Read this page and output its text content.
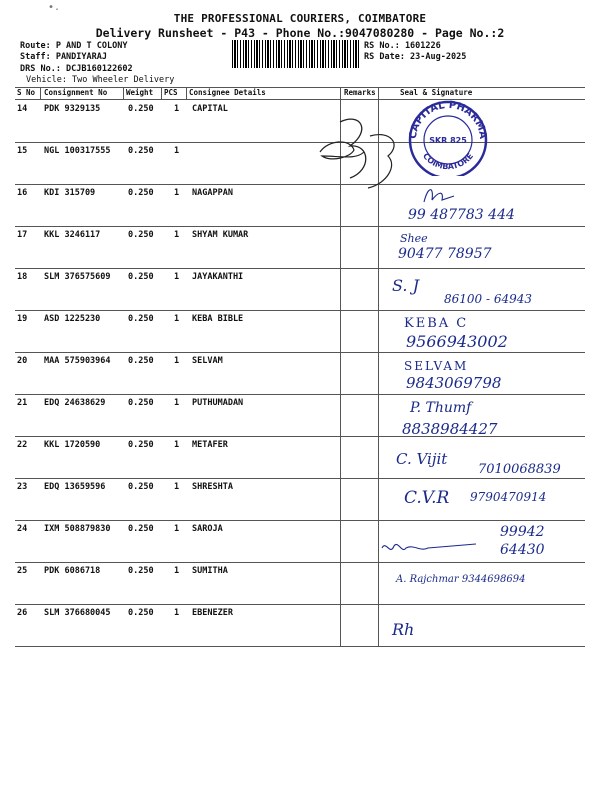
•.
THE PROFESSIONAL COURIERS, COIMBATORE
Delivery Runsheet - P43 - Phone No.:9047080280 - Page No.:2
Route: P AND T COLONY
Staff: PANDIYARAJ
DRS No.: DCJB160122602
Vehicle: Two Wheeler Delivery
RS No.: 1601226
RS Date: 23-Aug-2025
S No Consignment No	Weight PCS Consignee Details	Remarks	Seal & Signature
14 PDK 9329135	0.250 1 CAPITAL
15 NGL 100317555 0.250 1
16 KDI 315709	0.250 1 NAGAPPAN
17 KKL 3246117	0.250 1 SHYAM KUMAR
18 SLM 376575609 0.250 1 JAYAKANTHI
19 ASD 1225230	0.250 1 KEBA BIBLE
20 MAA 575903964 0.250 1 SELVAM
21 EDQ 24638629	0.250 1 PUTHUMADAN
22 KKL 1720590	0.250 1 METAFER
23 EDQ 13659596	0.250 1 SHRESHTA
24 IXM 508879830 0.250 1 SAROJA
25 PDK 6086718	0.250 1 SUMITHA
26 SLM 376680045 0.250 1 EBENEZER
CAPITAL PHARMA
COIMBATORE
SKR 825
99 487783 444
Shee
90477 78957
S. J
86100 - 64943
KEBA C
9566943002
SELVAM
9843069798
P. Thumf
8838984427
C. Vijit
7010068839
C.V.R 9790470914
99942
64430
A. Rajchmar 9344698694
Rh
